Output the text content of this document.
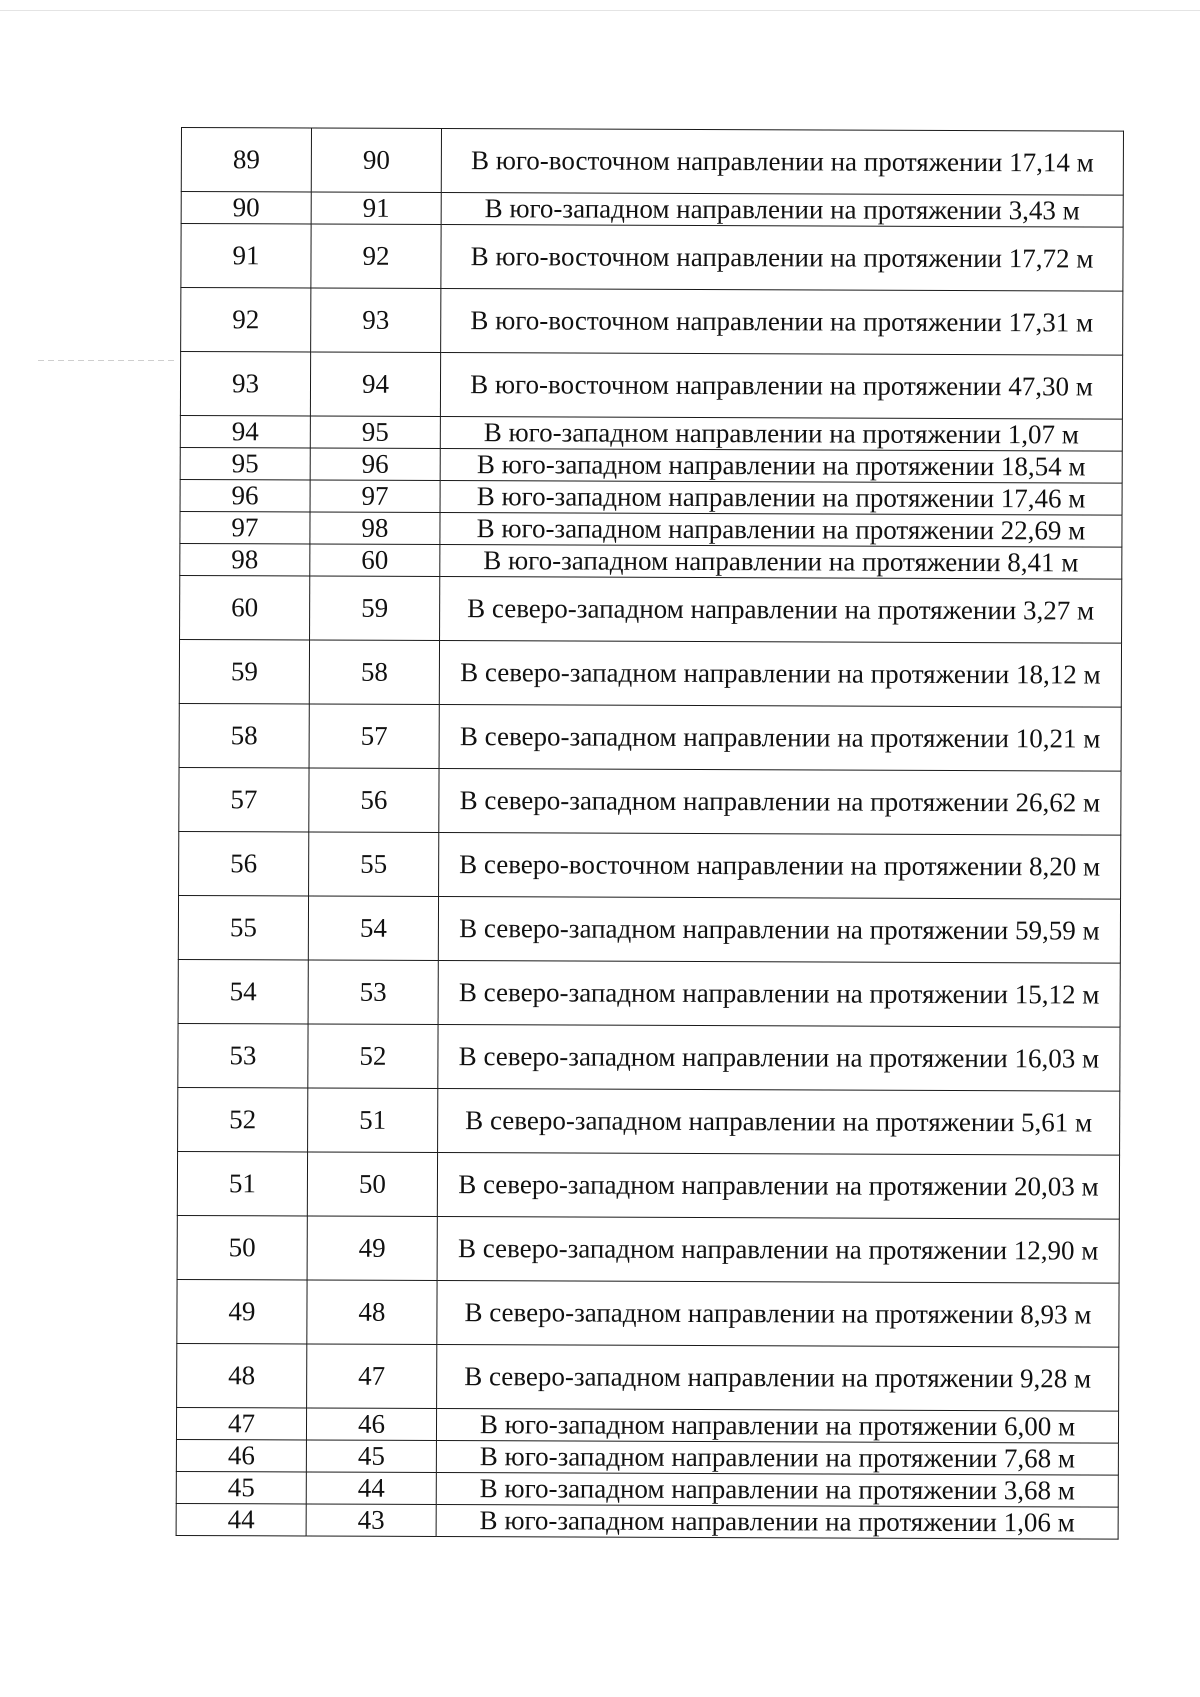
89	90	В юго-восточном направлении на протяжении 17,14 м
90	91	В юго-западном направлении на протяжении 3,43 м
91	92	В юго-восточном направлении на протяжении 17,72 м
92	93	В юго-восточном направлении на протяжении 17,31 м
93	94	В юго-восточном направлении на протяжении 47,30 м
94	95	В юго-западном направлении на протяжении 1,07 м
95	96	В юго-западном направлении на протяжении 18,54 м
96	97	В юго-западном направлении на протяжении 17,46 м
97	98	В юго-западном направлении на протяжении 22,69 м
98	60	В юго-западном направлении на протяжении 8,41 м
60	59	В северо-западном направлении на протяжении 3,27 м
59	58	В северо-западном направлении на протяжении 18,12 м
58	57	В северо-западном направлении на протяжении 10,21 м
57	56	В северо-западном направлении на протяжении 26,62 м
56	55	В северо-восточном направлении на протяжении 8,20 м
55	54	В северо-западном направлении на протяжении 59,59 м
54	53	В северо-западном направлении на протяжении 15,12 м
53	52	В северо-западном направлении на протяжении 16,03 м
52	51	В северо-западном направлении на протяжении 5,61 м
51	50	В северо-западном направлении на протяжении 20,03 м
50	49	В северо-западном направлении на протяжении 12,90 м
49	48	В северо-западном направлении на протяжении 8,93 м
48	47	В северо-западном направлении на протяжении 9,28 м
47	46	В юго-западном направлении на протяжении 6,00 м
46	45	В юго-западном направлении на протяжении 7,68 м
45	44	В юго-западном направлении на протяжении 3,68 м
44	43	В юго-западном направлении на протяжении 1,06 м
